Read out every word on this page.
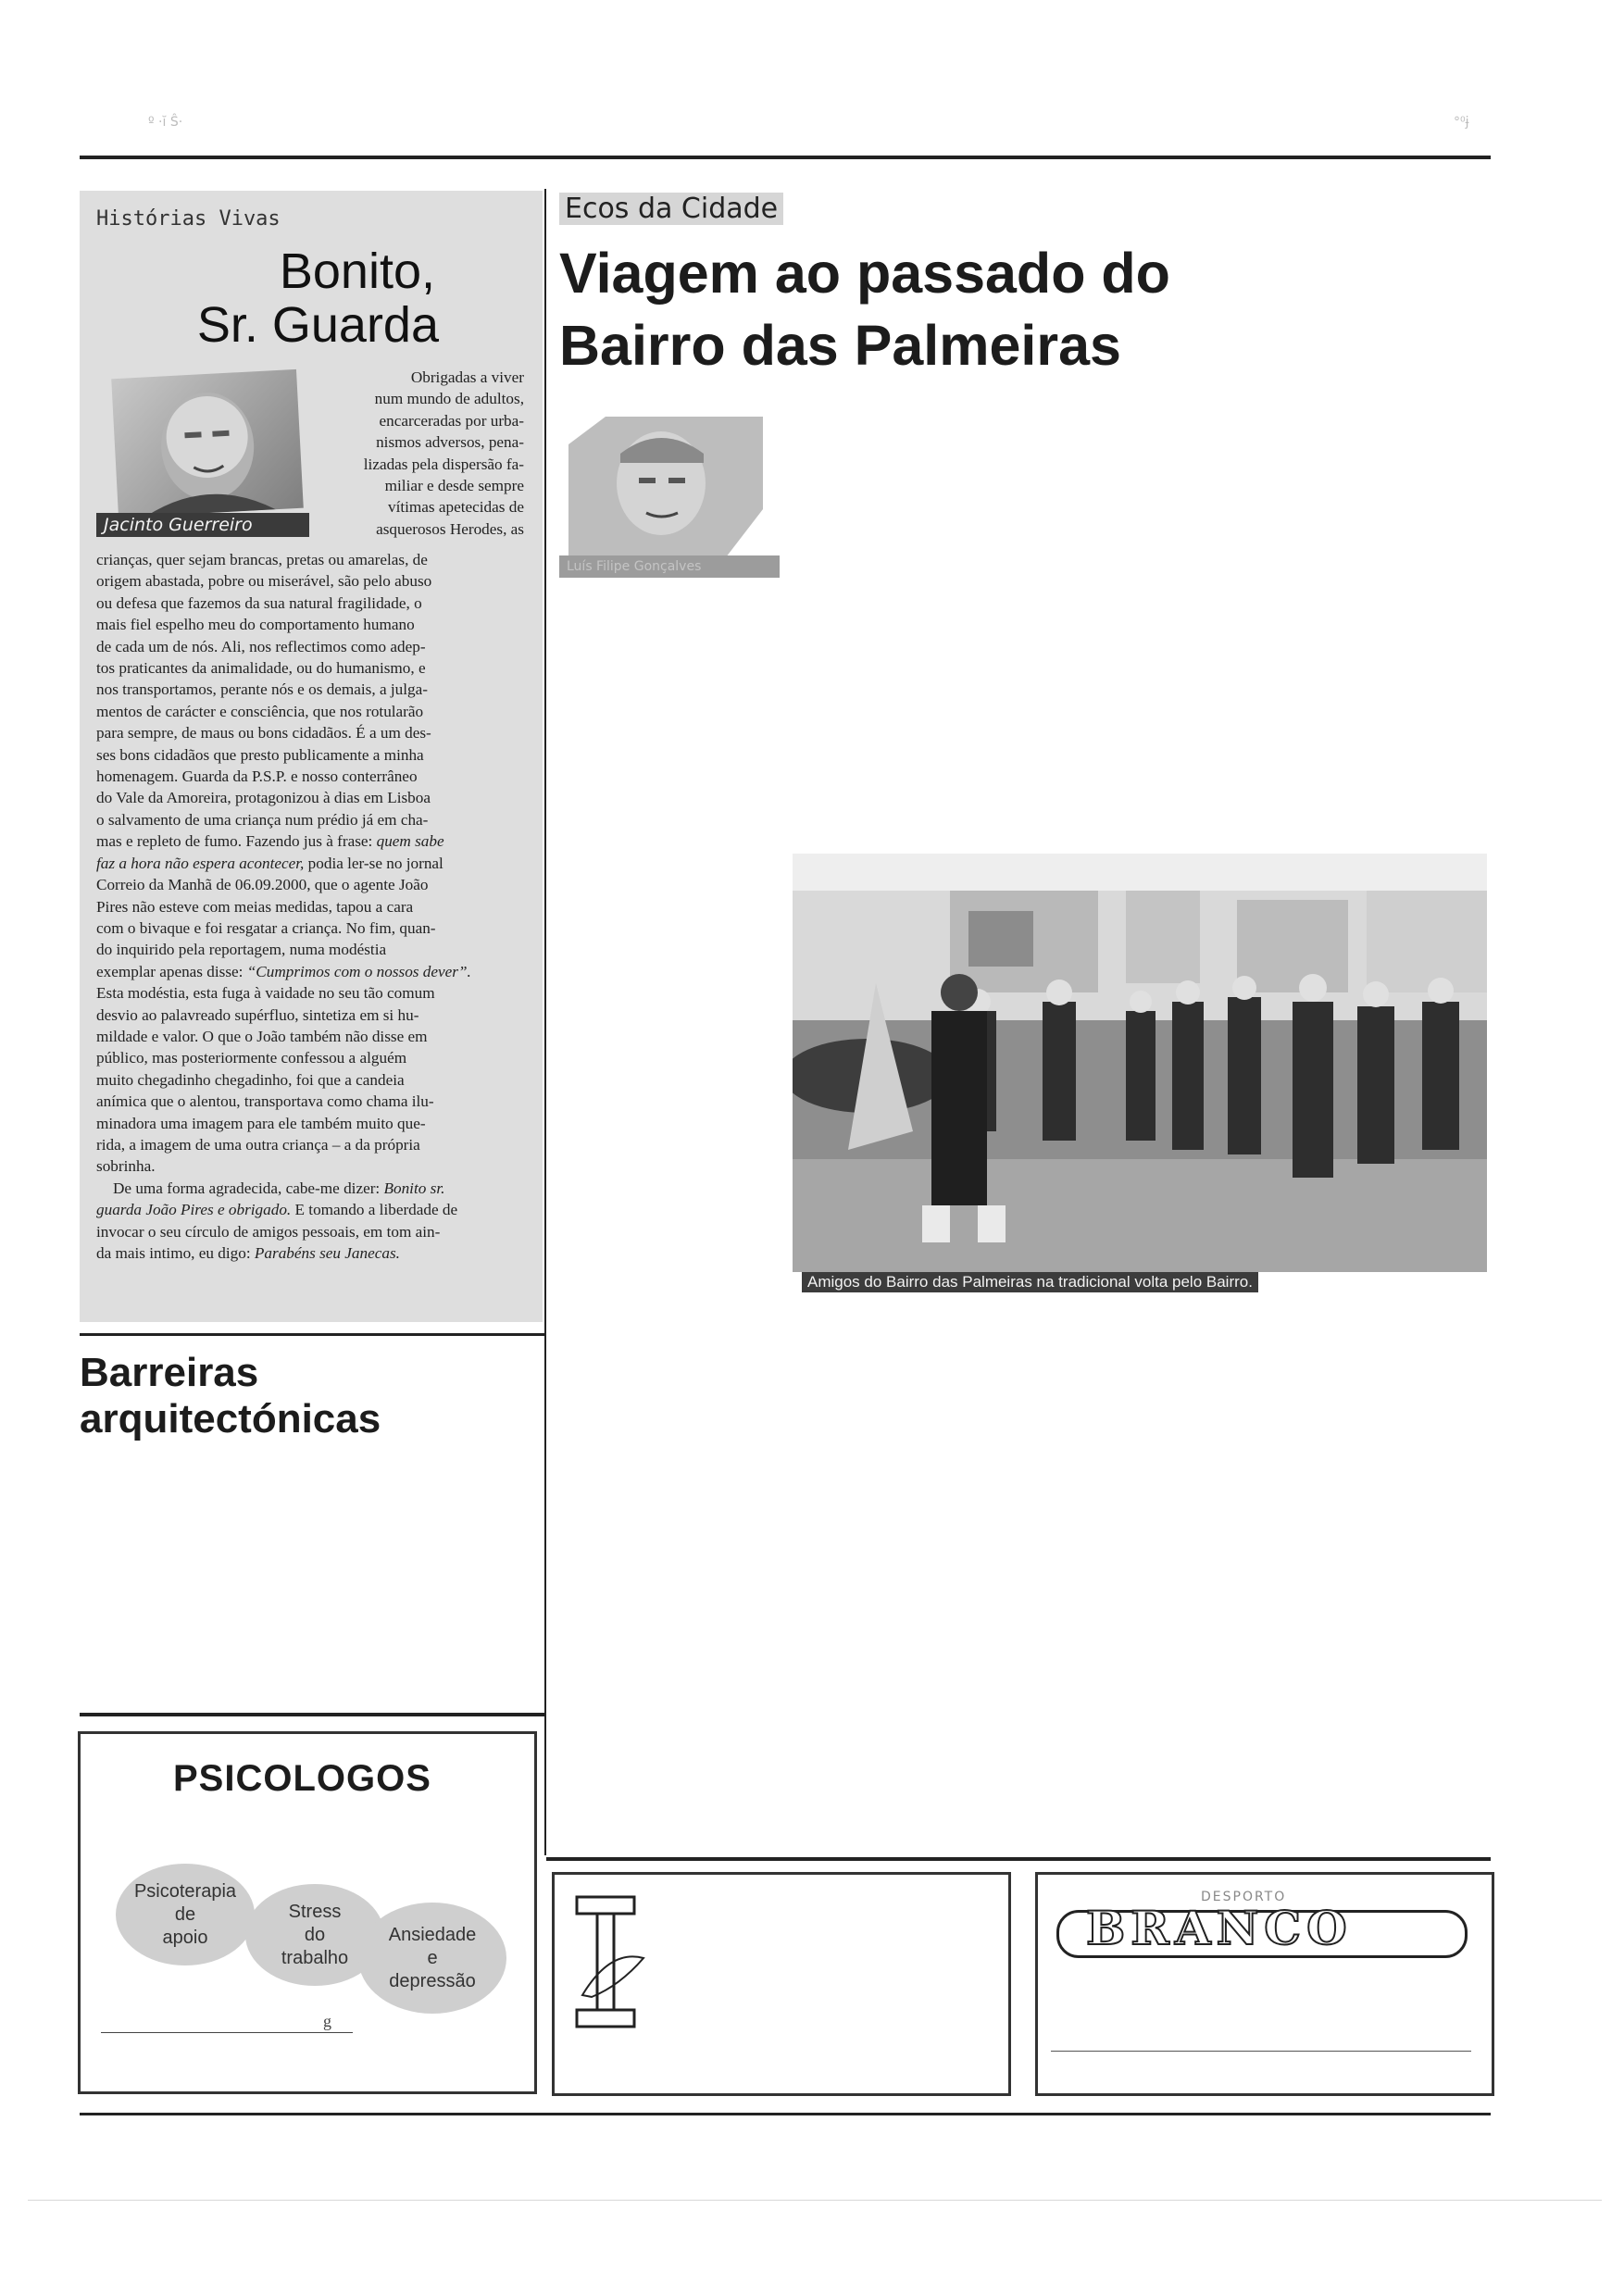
º ·ĭ Ŝ·	°⁰ɉ
Histórias Vivas
Bonito,
Sr. Guarda
Jacinto Guerreiro
Obrigadas a viver
num mundo de adultos,
encarceradas por urba-
nismos adversos, pena-
lizadas pela dispersão fa-
miliar e desde sempre
vítimas apetecidas de
asquerosos Herodes, as
crianças, quer sejam brancas, pretas ou amarelas, de
origem abastada, pobre ou miserável, são pelo abuso
ou defesa que fazemos da sua natural fragilidade, o
mais fiel espelho meu do comportamento humano
de cada um de nós. Ali, nos reflectimos como adep-
tos praticantes da animalidade, ou do humanismo, e
nos transportamos, perante nós e os demais, a julga-
mentos de carácter e consciência, que nos rotularão
para sempre, de maus ou bons cidadãos. É a um des-
ses bons cidadãos que presto publicamente a minha
homenagem. Guarda da P.S.P. e nosso conterrâneo
do Vale da Amoreira, protagonizou à dias em Lisboa
o salvamento de uma criança num prédio já em cha-
mas e repleto de fumo. Fazendo jus à frase: quem sabe
faz a hora não espera acontecer, podia ler-se no jornal
Correio da Manhã de 06.09.2000, que o agente João
Pires não esteve com meias medidas, tapou a cara
com o bivaque e foi resgatar a criança. No fim, quan-
do inquirido pela reportagem, numa modéstia
exemplar apenas disse: “Cumprimos com o nossos dever”.
Esta modéstia, esta fuga à vaidade no seu tão comum
desvio ao palavreado supérfluo, sintetiza em si hu-
mildade e valor. O que o João também não disse em
público, mas posteriormente confessou a alguém
muito chegadinho chegadinho, foi que a candeia
anímica que o alentou, transportava como chama ilu-
minadora uma imagem para ele também muito que-
rida, a imagem de uma outra criança – a da própria
sobrinha.
De uma forma agradecida, cabe-me dizer: Bonito sr.
guarda João Pires e obrigado. E tomando a liberdade de
invocar o seu círculo de amigos pessoais, em tom ain-
da mais intimo, eu digo: Parabéns seu Janecas.
Barreiras
arquitectónicas
Ecos da Cidade
Viagem ao passado do
Bairro das Palmeiras
Luís Filipe Gonçalves
Amigos do Bairro das Palmeiras na tradicional volta pelo Bairro.
PSICOLOGOS
Psicoterapia
de
apoio
Stress
do
trabalho
Ansiedade
e
depressão
g
DESPORTO
BRANCO
